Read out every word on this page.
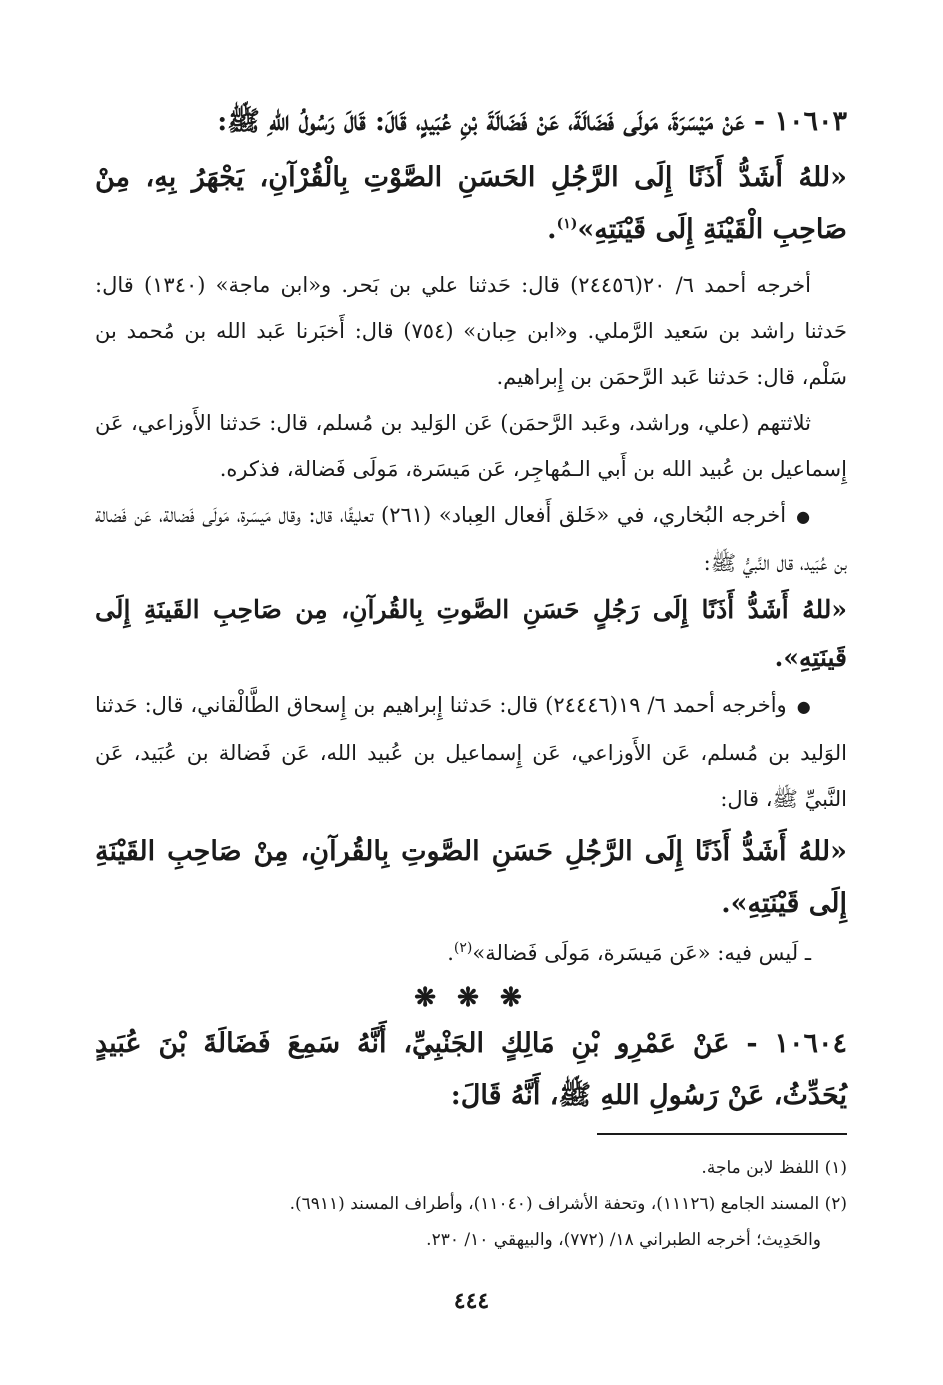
١٠٦٠٣ - عَنْ مَيْسَرَةَ، مَولَى فَضَالَةَ، عَنْ فَضَالَةَ بْنِ عُبَيدٍ، قَالَ: قَالَ رَسُولُ اللهِ ﷺ:

«للهُ أَشَدُّ أَذَنًا إِلَى الرَّجُلِ الحَسَنِ الصَّوْتِ بِالْقُرْآنِ، يَجْهَرُ بِهِ، مِنْ صَاحِبِ الْقَيْنَةِ إِلَى قَيْنَتِهِ»$^{(١)}$.

أخرجه أحمد ٦/ ٢٠(٢٤٤٥٦) قال: حَدثنا علي بن بَحر. و«ابن ماجة» (١٣٤٠) قال: حَدثنا راشد بن سَعيد الرَّملي. و«ابن حِبان» (٧٥٤) قال: أَخبَرنا عَبد الله بن مُحمد بن سَلْم، قال: حَدثنا عَبد الرَّحمَن بن إِبراهيم.

ثلاثتهم (علي، وراشد، وعَبد الرَّحمَن) عَن الوَليد بن مُسلم، قال: حَدثنا الأَوزاعي، عَن إِسماعيل بن عُبيد الله بن أَبي الـمُهاجِر، عَن مَيسَرة، مَولَى فَضالة، فذكره.

●أخرجه البُخاري، في «خَلق أَفعال العِباد» (٢٦١) تعليقًا، قال: وقال مَيسَرة، مَولَى فَضالة، عَن فَضالة بن عُبَيد، قال النَّبيُّ ﷺ:

«للهُ أَشَدُّ أَذَنًا إِلَى رَجُلٍ حَسَنِ الصَّوتِ بِالقُرآنِ، مِن صَاحِبِ القَينَةِ إِلَى قَينَتِهِ».

●وأخرجه أحمد ٦/ ١٩(٢٤٤٤٦) قال: حَدثنا إِبراهيم بن إِسحاق الطَّالْقاني، قال: حَدثنا الوَليد بن مُسلم، عَن الأَوزاعي، عَن إِسماعيل بن عُبيد الله، عَن فَضالة بن عُبَيد، عَن النَّبيِّ ﷺ، قال:

«للهُ أَشَدُّ أَذَنًا إِلَى الرَّجُلِ حَسَنِ الصَّوتِ بِالقُرآنِ، مِنْ صَاحِبِ القَيْنَةِ إِلَى قَيْنَتِهِ».

ـ لَيس فيه: «عَن مَيسَرة، مَولَى فَضالة»$^{(٢)}$.

❋ ❋ ❋

١٠٦٠٤ - عَنْ عَمْرِو بْنِ مَالِكٍ الجَنْبِيِّ، أَنَّهُ سَمِعَ فَضَالَةَ بْنَ عُبَيدٍ يُحَدِّثُ، عَنْ رَسُولِ اللهِ ﷺ، أَنَّهُ قَالَ:

(١) اللفظ لابن ماجة.

(٢) المسند الجامع (١١١٢٦)، وتحفة الأشراف (١١٠٤٠)، وأطراف المسند (٦٩١١).

والحَدِيث؛ أخرجه الطبراني ١٨/ (٧٧٢)، والبيهقي ١٠/ ٢٣٠.

٤٤٤
